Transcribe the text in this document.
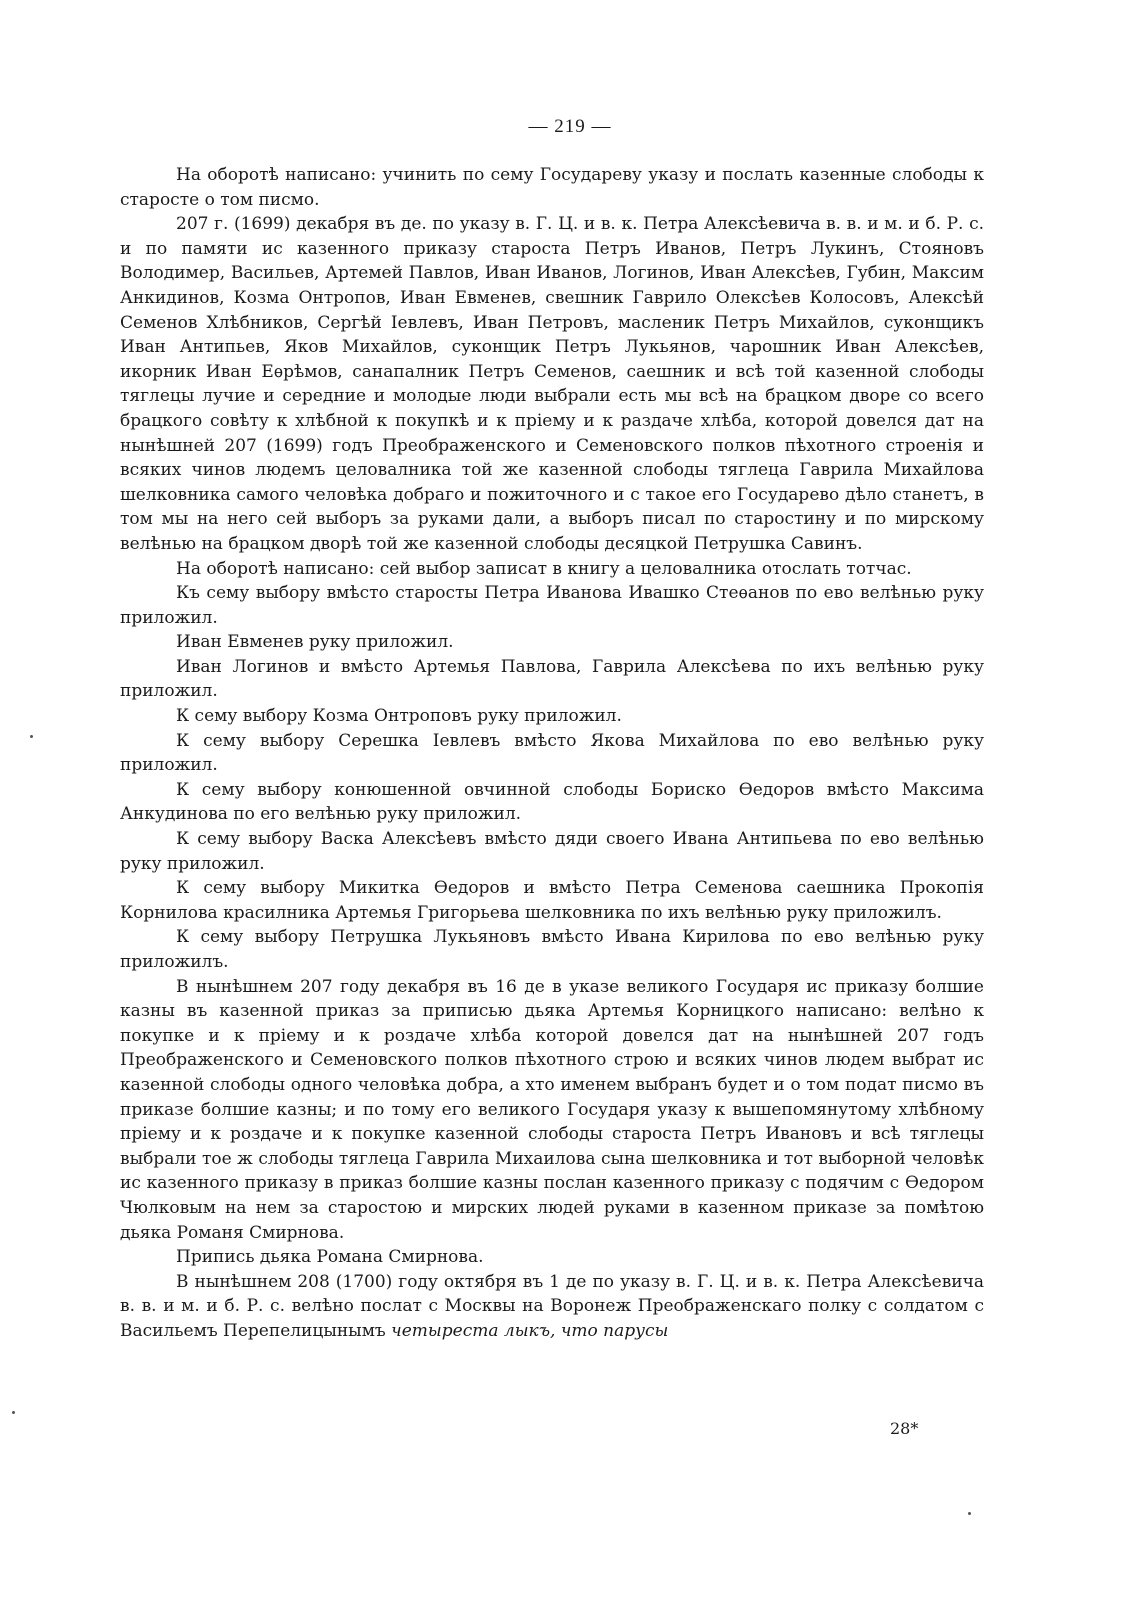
— 219 —

На оборотѣ написано: учинить по сему Государеву указу и послать казенные слободы к старосте о том писмо.

207 г. (1699) декабря въ де. по указу в. Г. Ц. и в. к. Петра Алексѣевича в. в. и м. и б. Р. с. и по памяти ис казенного приказу староста Петръ Иванов, Петръ Лукинъ, Стояновъ Володимер, Васильев, Артемей Павлов, Иван Иванов, Логинов, Иван Алексѣев, Губин, Максим Анкидинов, Козма Онтропов, Иван Евменев, свешник Гаврило Олексѣев Колосовъ, Алексѣй Семенов Хлѣбников, Сергѣй Іевлевъ, Иван Петровъ, масленик Петръ Михайлов, суконщикъ Иван Антипьев, Яков Михайлов, суконщик Петръ Лукьянов, чарошник Иван Алексѣев, икорник Иван Еѳрѣмов, санапалник Петръ Семенов, саешник и всѣ той казенной слободы тяглецы лучие и середние и молодые люди выбрали есть мы всѣ на брацком дворе со всего брацкого совѣту к хлѣбной к покупкѣ и к пріему и к раздаче хлѣба, которой довелся дат на нынѣшней 207 (1699) годъ Преображенского и Семеновского полков пѣхотного строенія и всяких чинов людемъ целовалника той же казенной слободы тяглеца Гаврила Михайлова шелковника самого человѣка добраго и пожиточного и с такое его Государево дѣло станетъ, в том мы на него сей выборъ за руками дали, а выборъ писал по старостину и по мирскому велѣнью на брацком дворѣ той же казенной слободы десяцкой Петрушка Савинъ.

На оборотѣ написано: сей выбор записат в книгу а целовалника отослать тотчас.

Къ сему выбору вмѣсто старосты Петра Иванова Ивашко Стеѳанов по ево велѣнью руку приложил.

Иван Евменев руку приложил.

Иван Логинов и вмѣсто Артемья Павлова, Гаврила Алексѣева по ихъ велѣнью руку приложил.

К сему выбору Козма Онтроповъ руку приложил.

К сему выбору Серешка Іевлевъ вмѣсто Якова Михайлова по ево велѣнью руку приложил.

К сему выбору конюшенной овчинной слободы Бориско Ѳедоров вмѣсто Максима Анкудинова по его велѣнью руку приложил.

К сему выбору Васка Алексѣевъ вмѣсто дяди своего Ивана Антипьева по ево велѣнью руку приложил.

К сему выбору Микитка Ѳедоров и вмѣсто Петра Семенова саешника Прокопія Корнилова красилника Артемья Григорьева шелковника по ихъ велѣнью руку приложилъ.

К сему выбору Петрушка Лукьяновъ вмѣсто Ивана Кирилова по ево велѣнью руку приложилъ.

В нынѣшнем 207 году декабря въ 16 де в указе великого Государя ис приказу болшие казны въ казенной приказ за приписью дьяка Артемья Корницкого написано: велѣно к покупке и к пріему и к роздаче хлѣба которой довелся дат на нынѣшней 207 годъ Преображенского и Семеновского полков пѣхотного строю и всяких чинов людем выбрат ис казенной слободы одного человѣка добра, а хто именем выбранъ будет и о том подат писмо въ приказе болшие казны; и по тому его великого Государя указу к вышепомянутому хлѣбному пріему и к роздаче и к покупке казенной слободы староста Петръ Ивановъ и всѣ тяглецы выбрали тое ж слободы тяглеца Гаврила Михаилова сына шелковника и тот выборной человѣк ис казенного приказу в приказ болшие казны послан казенного приказу с подячим с Ѳедором Чюлковым на нем за старостою и мирских людей руками в казенном приказе за помѣтою дьяка Романя Смирнова.

Припись дьяка Романа Смирнова.

В нынѣшнем 208 (1700) году октября въ 1 де по указу в. Г. Ц. и в. к. Петра Алексѣевича в. в. и м. и б. Р. с. велѣно послат с Москвы на Воронеж Преображенскаго полку с солдатом с Васильемъ Перепелицынымъ четыреста лыкъ, что парусы

28*
